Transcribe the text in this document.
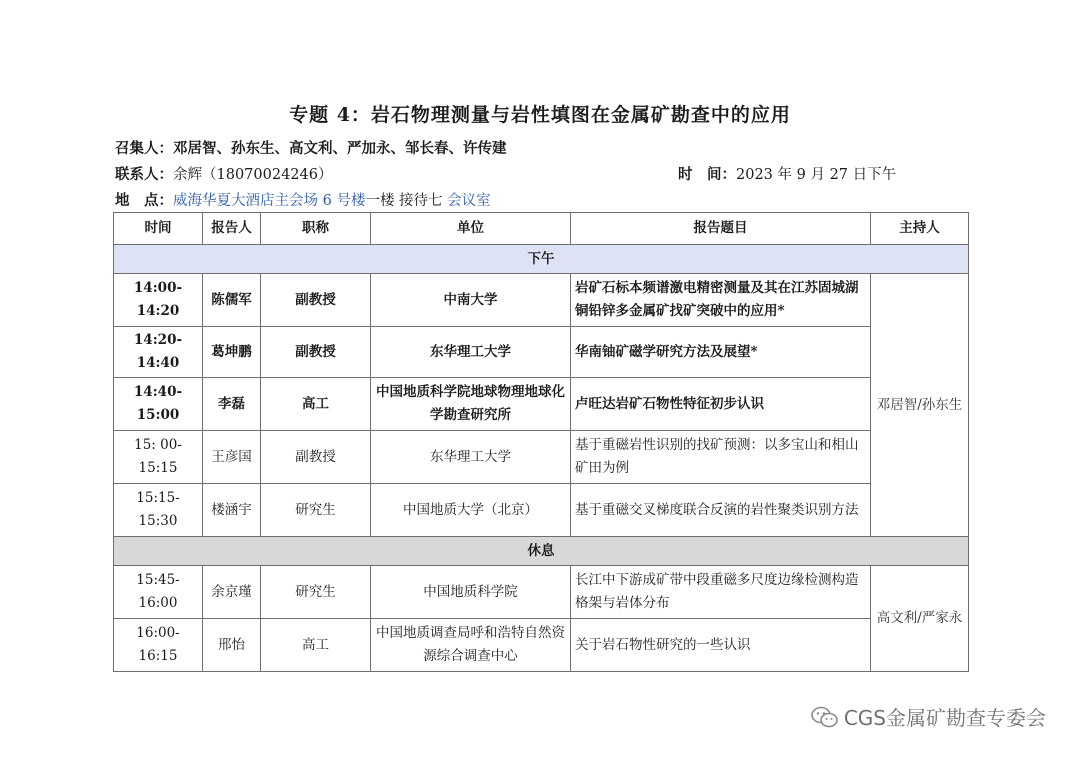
专题 4：岩石物理测量与岩性填图在金属矿勘查中的应用
召集人：邓居智、孙东生、高文利、严加永、邹长春、许传建
联系人：余辉（18070024246）	时　间：2023 年 9 月 27 日下午
地　点：威海华夏大酒店主会场 6 号楼一楼 接待七 会议室
时间	报告人	职称	单位	报告题目	主持人
下午					
14:00-14:20	陈儒军	副教授	中南大学	岩矿石标本频谱激电精密测量及其在江苏固城湖铜铅锌多金属矿找矿突破中的应用*	邓居智/孙东生
14:20-14:40	葛坤鹏	副教授	东华理工大学	华南铀矿磁学研究方法及展望*	
14:40-15:00	李磊	高工	中国地质科学院地球物理地球化学勘查研究所	卢旺达岩矿石物性特征初步认识	
15: 00-15:15	王彦国	副教授	东华理工大学	基于重磁岩性识别的找矿预测：以多宝山和相山矿田为例	
15:15-15:30	楼涵宇	研究生	中国地质大学（北京）	基于重磁交叉梯度联合反演的岩性聚类识别方法	
休息					
15:45-16:00	余京瑾	研究生	中国地质科学院	长江中下游成矿带中段重磁多尺度边缘检测构造格架与岩体分布	高文利/严家永
16:00-16:15	邢怡	高工	中国地质调查局呼和浩特自然资源综合调查中心	关于岩石物性研究的一些认识	
CGS金属矿勘查专委会
